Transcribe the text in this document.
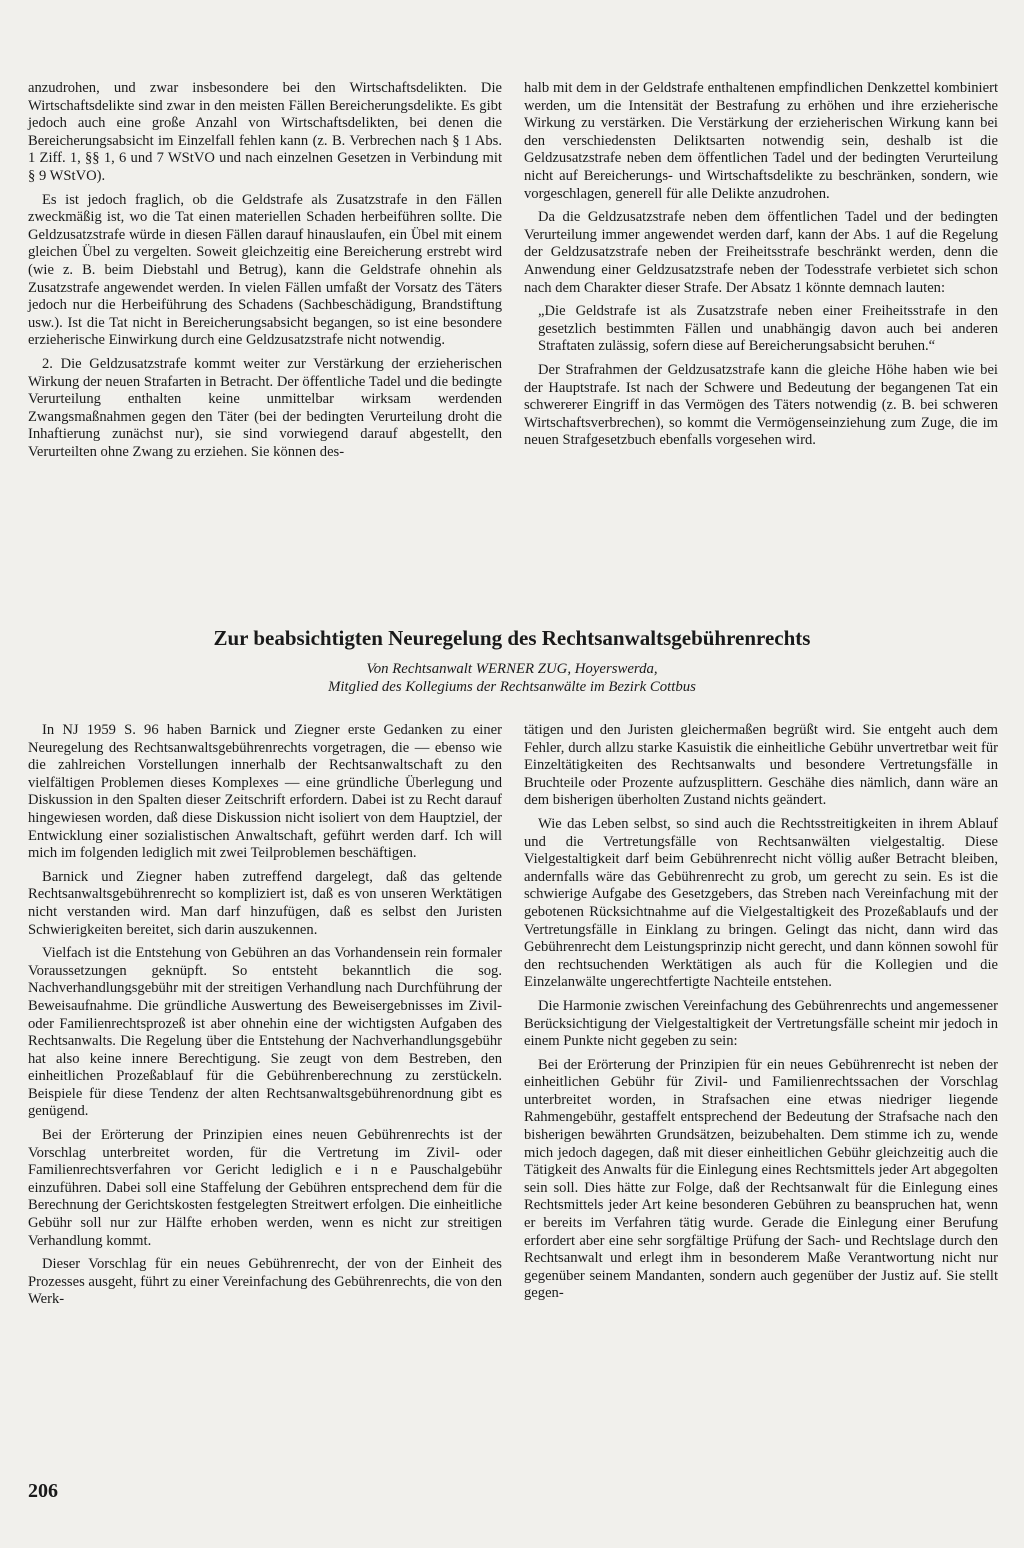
anzudrohen, und zwar insbesondere bei den Wirtschaftsdelikten. Die Wirtschaftsdelikte sind zwar in den meisten Fällen Bereicherungsdelikte. Es gibt jedoch auch eine große Anzahl von Wirtschaftsdelikten, bei denen die Bereicherungsabsicht im Einzelfall fehlen kann (z. B. Verbrechen nach § 1 Abs. 1 Ziff. 1, §§ 1, 6 und 7 WStVO und nach einzelnen Gesetzen in Verbindung mit § 9 WStVO).

Es ist jedoch fraglich, ob die Geldstrafe als Zusatzstrafe in den Fällen zweckmäßig ist, wo die Tat einen materiellen Schaden herbeiführen sollte. Die Geldzusatzstrafe würde in diesen Fällen darauf hinauslaufen, ein Übel mit einem gleichen Übel zu vergelten. Soweit gleichzeitig eine Bereicherung erstrebt wird (wie z. B. beim Diebstahl und Betrug), kann die Geldstrafe ohnehin als Zusatzstrafe angewendet werden. In vielen Fällen umfaßt der Vorsatz des Täters jedoch nur die Herbeiführung des Schadens (Sachbeschädigung, Brandstiftung usw.). Ist die Tat nicht in Bereicherungsabsicht begangen, so ist eine besondere erzieherische Einwirkung durch eine Geldzusatzstrafe nicht notwendig.

2. Die Geldzusatzstrafe kommt weiter zur Verstärkung der erzieherischen Wirkung der neuen Strafarten in Betracht. Der öffentliche Tadel und die bedingte Verurteilung enthalten keine unmittelbar wirksam werdenden Zwangsmaßnahmen gegen den Täter (bei der bedingten Verurteilung droht die Inhaftierung zunächst nur), sie sind vorwiegend darauf abgestellt, den Verurteilten ohne Zwang zu erziehen. Sie können des-

halb mit dem in der Geldstrafe enthaltenen empfindlichen Denkzettel kombiniert werden, um die Intensität der Bestrafung zu erhöhen und ihre erzieherische Wirkung zu verstärken. Die Verstärkung der erzieherischen Wirkung kann bei den verschiedensten Deliktsarten notwendig sein, deshalb ist die Geldzusatzstrafe neben dem öffentlichen Tadel und der bedingten Verurteilung nicht auf Bereicherungs- und Wirtschaftsdelikte zu beschränken, sondern, wie vorgeschlagen, generell für alle Delikte anzudrohen.

Da die Geldzusatzstrafe neben dem öffentlichen Tadel und der bedingten Verurteilung immer angewendet werden darf, kann der Abs. 1 auf die Regelung der Geldzusatzstrafe neben der Freiheitsstrafe beschränkt werden, denn die Anwendung einer Geldzusatzstrafe neben der Todesstrafe verbietet sich schon nach dem Charakter dieser Strafe. Der Absatz 1 könnte demnach lauten:

„Die Geldstrafe ist als Zusatzstrafe neben einer Freiheitsstrafe in den gesetzlich bestimmten Fällen und unabhängig davon auch bei anderen Straftaten zulässig, sofern diese auf Bereicherungsabsicht beruhen.“

Der Strafrahmen der Geldzusatzstrafe kann die gleiche Höhe haben wie bei der Hauptstrafe. Ist nach der Schwere und Bedeutung der begangenen Tat ein schwererer Eingriff in das Vermögen des Täters notwendig (z. B. bei schweren Wirtschaftsverbrechen), so kommt die Vermögenseinziehung zum Zuge, die im neuen Strafgesetzbuch ebenfalls vorgesehen wird.

Zur beabsichtigten Neuregelung des Rechtsanwaltsgebührenrechts
Von Rechtsanwalt WERNER ZUG, Hoyerswerda,
Mitglied des Kollegiums der Rechtsanwälte im Bezirk Cottbus

In NJ 1959 S. 96 haben Barnick und Ziegner erste Gedanken zu einer Neuregelung des Rechtsanwaltsgebührenrechts vorgetragen, die — ebenso wie die zahlreichen Vorstellungen innerhalb der Rechtsanwaltschaft zu den vielfältigen Problemen dieses Komplexes — eine gründliche Überlegung und Diskussion in den Spalten dieser Zeitschrift erfordern. Dabei ist zu Recht darauf hingewiesen worden, daß diese Diskussion nicht isoliert von dem Hauptziel, der Entwicklung einer sozialistischen Anwaltschaft, geführt werden darf. Ich will mich im folgenden lediglich mit zwei Teilproblemen beschäftigen.

Barnick und Ziegner haben zutreffend dargelegt, daß das geltende Rechtsanwaltsgebührenrecht so kompliziert ist, daß es von unseren Werktätigen nicht verstanden wird. Man darf hinzufügen, daß es selbst den Juristen Schwierigkeiten bereitet, sich darin auszukennen.

Vielfach ist die Entstehung von Gebühren an das Vorhandensein rein formaler Voraussetzungen geknüpft. So entsteht bekanntlich die sog. Nachverhandlungsgebühr mit der streitigen Verhandlung nach Durchführung der Beweisaufnahme. Die gründliche Auswertung des Beweisergebnisses im Zivil- oder Familienrechtsprozeß ist aber ohnehin eine der wichtigsten Aufgaben des Rechtsanwalts. Die Regelung über die Entstehung der Nachverhandlungsgebühr hat also keine innere Berechtigung. Sie zeugt von dem Bestreben, den einheitlichen Prozeßablauf für die Gebührenberechnung zu zerstückeln. Beispiele für diese Tendenz der alten Rechtsanwaltsgebührenordnung gibt es genügend.

Bei der Erörterung der Prinzipien eines neuen Gebührenrechts ist der Vorschlag unterbreitet worden, für die Vertretung im Zivil- oder Familienrechtsverfahren vor Gericht lediglich e i n e Pauschalgebühr einzuführen. Dabei soll eine Staffelung der Gebühren entsprechend dem für die Berechnung der Gerichtskosten festgelegten Streitwert erfolgen. Die einheitliche Gebühr soll nur zur Hälfte erhoben werden, wenn es nicht zur streitigen Verhandlung kommt.

Dieser Vorschlag für ein neues Gebührenrecht, der von der Einheit des Prozesses ausgeht, führt zu einer Vereinfachung des Gebührenrechts, die von den Werk-

tätigen und den Juristen gleichermaßen begrüßt wird. Sie entgeht auch dem Fehler, durch allzu starke Kasuistik die einheitliche Gebühr unvertretbar weit für Einzeltätigkeiten des Rechtsanwalts und besondere Vertretungsfälle in Bruchteile oder Prozente aufzusplittern. Geschähe dies nämlich, dann wäre an dem bisherigen überholten Zustand nichts geändert.

Wie das Leben selbst, so sind auch die Rechtsstreitigkeiten in ihrem Ablauf und die Vertretungsfälle von Rechtsanwälten vielgestaltig. Diese Vielgestaltigkeit darf beim Gebührenrecht nicht völlig außer Betracht bleiben, andernfalls wäre das Gebührenrecht zu grob, um gerecht zu sein. Es ist die schwierige Aufgabe des Gesetzgebers, das Streben nach Vereinfachung mit der gebotenen Rücksichtnahme auf die Vielgestaltigkeit des Prozeßablaufs und der Vertretungsfälle in Einklang zu bringen. Gelingt das nicht, dann wird das Gebührenrecht dem Leistungsprinzip nicht gerecht, und dann können sowohl für den rechtsuchenden Werktätigen als auch für die Kollegien und die Einzelanwälte ungerechtfertigte Nachteile entstehen.

Die Harmonie zwischen Vereinfachung des Gebührenrechts und angemessener Berücksichtigung der Vielgestaltigkeit der Vertretungsfälle scheint mir jedoch in einem Punkte nicht gegeben zu sein:

Bei der Erörterung der Prinzipien für ein neues Gebührenrecht ist neben der einheitlichen Gebühr für Zivil- und Familienrechtssachen der Vorschlag unterbreitet worden, in Strafsachen eine etwas niedriger liegende Rahmengebühr, gestaffelt entsprechend der Bedeutung der Strafsache nach den bisherigen bewährten Grundsätzen, beizubehalten. Dem stimme ich zu, wende mich jedoch dagegen, daß mit dieser einheitlichen Gebühr gleichzeitig auch die Tätigkeit des Anwalts für die Einlegung eines Rechtsmittels jeder Art abgegolten sein soll. Dies hätte zur Folge, daß der Rechtsanwalt für die Einlegung eines Rechtsmittels jeder Art keine besonderen Gebühren zu beanspruchen hat, wenn er bereits im Verfahren tätig wurde. Gerade die Einlegung einer Berufung erfordert aber eine sehr sorgfältige Prüfung der Sach- und Rechtslage durch den Rechtsanwalt und erlegt ihm in besonderem Maße Verantwortung nicht nur gegenüber seinem Mandanten, sondern auch gegenüber der Justiz auf. Sie stellt gegen-

206
